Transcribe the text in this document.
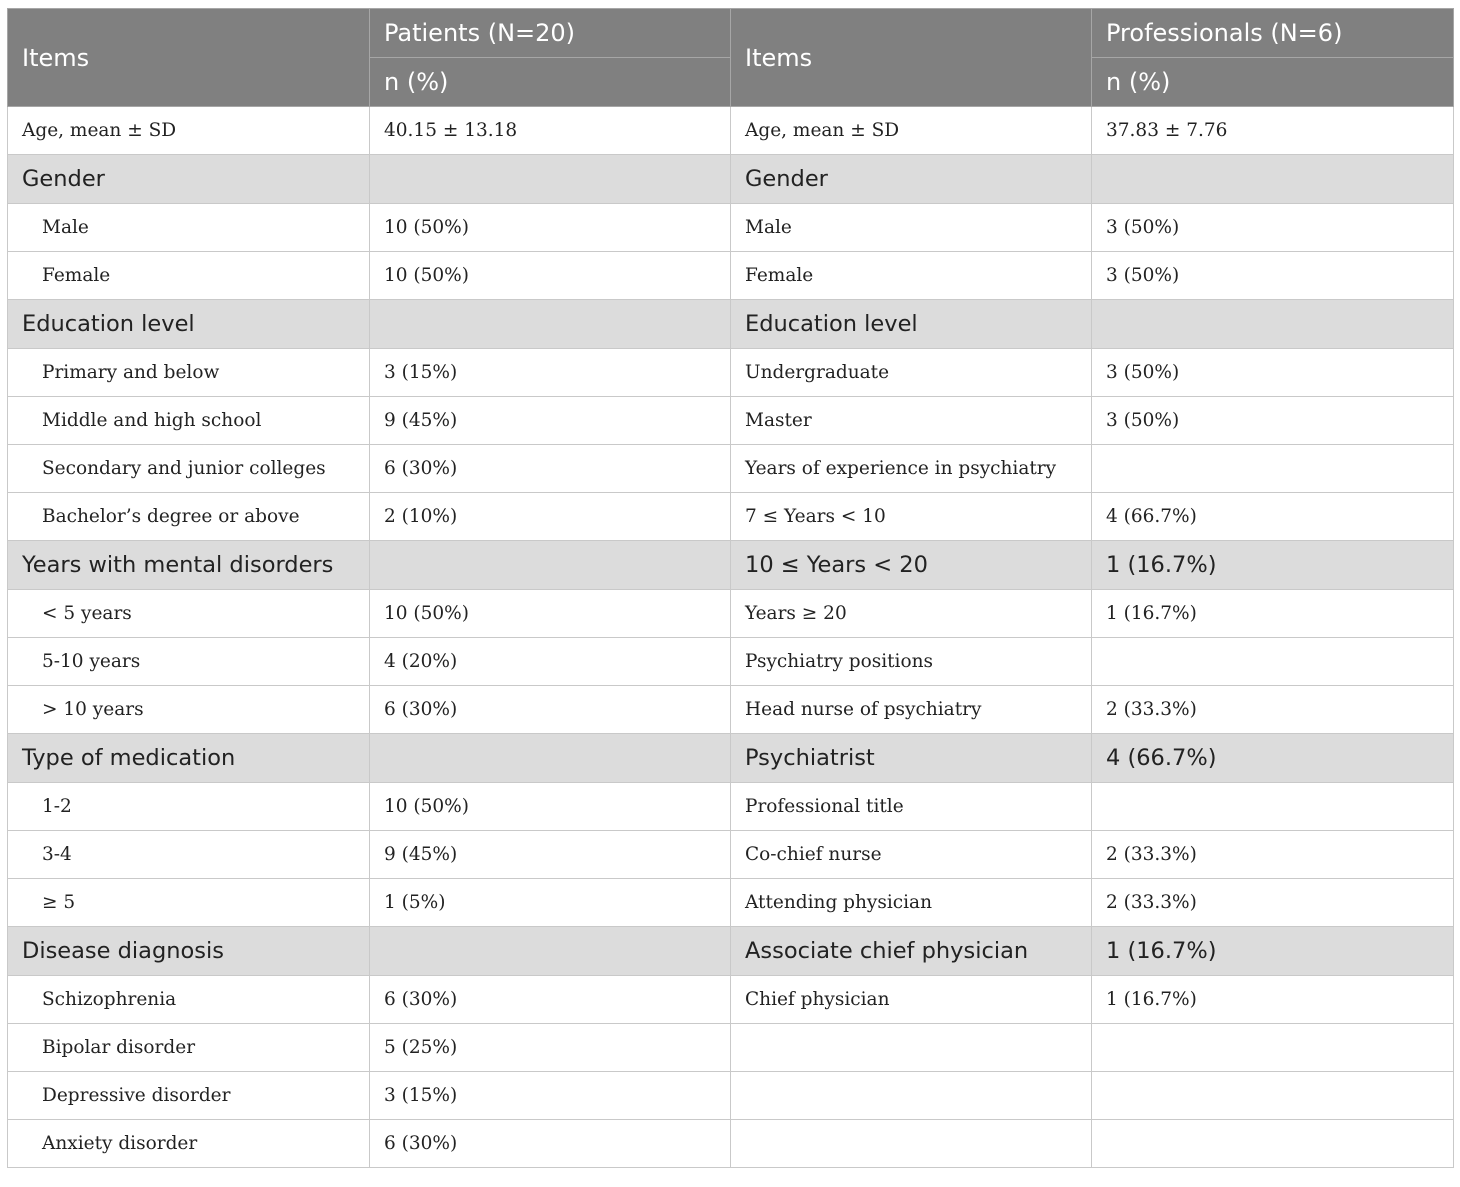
Items	Patients (N=20)	Items	Professionals (N=6)
	n (%)		n (%)
Age, mean ± SD	40.15 ± 13.18	Age, mean ± SD	37.83 ± 7.76
Gender		Gender	
Male	10 (50%)	Male	3 (50%)
Female	10 (50%)	Female	3 (50%)
Education level		Education level	
Primary and below	3 (15%)	Undergraduate	3 (50%)
Middle and high school	9 (45%)	Master	3 (50%)
Secondary and junior colleges	6 (30%)	Years of experience in psychiatry	
Bachelor’s degree or above	2 (10%)	7 ≤ Years < 10	4 (66.7%)
Years with mental disorders		10 ≤ Years < 20	1 (16.7%)
< 5 years	10 (50%)	Years ≥ 20	1 (16.7%)
5-10 years	4 (20%)	Psychiatry positions	
> 10 years	6 (30%)	Head nurse of psychiatry	2 (33.3%)
Type of medication		Psychiatrist	4 (66.7%)
1-2	10 (50%)	Professional title	
3-4	9 (45%)	Co-chief nurse	2 (33.3%)
≥ 5	1 (5%)	Attending physician	2 (33.3%)
Disease diagnosis		Associate chief physician	1 (16.7%)
Schizophrenia	6 (30%)	Chief physician	1 (16.7%)
Bipolar disorder	5 (25%)		
Depressive disorder	3 (15%)		
Anxiety disorder	6 (30%)		
